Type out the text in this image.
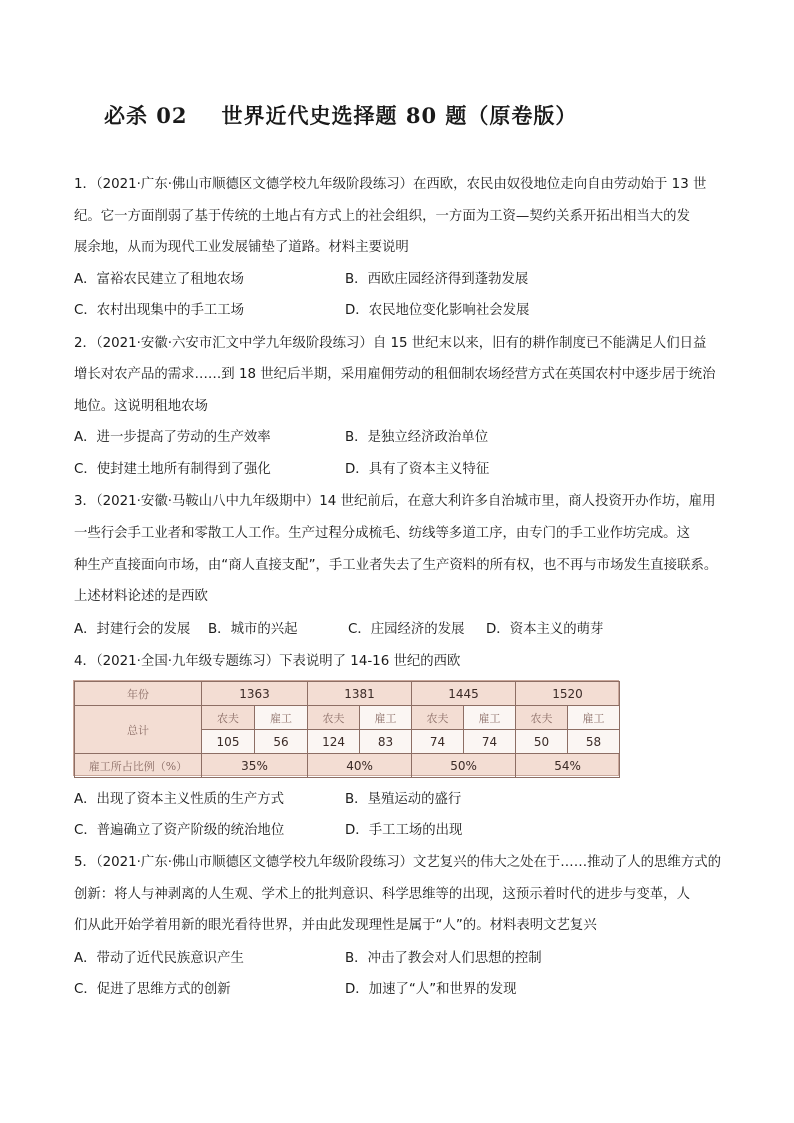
必杀 02 世界近代史选择题 80 题（原卷版）
1．（2021·广东·佛山市顺德区文德学校九年级阶段练习）在西欧，农民由奴役地位走向自由劳动始于 13 世
纪。它一方面削弱了基于传统的土地占有方式上的社会组织，一方面为工资—契约关系开拓出相当大的发
展余地，从而为现代工业发展铺垫了道路。材料主要说明
A．富裕农民建立了租地农场	B．西欧庄园经济得到蓬勃发展
C．农村出现集中的手工工场	D．农民地位变化影响社会发展
2．（2021·安徽·六安市汇文中学九年级阶段练习）自 15 世纪末以来，旧有的耕作制度已不能满足人们日益
增长对农产品的需求……到 18 世纪后半期，采用雇佣劳动的租佃制农场经营方式在英国农村中逐步居于统治
地位。这说明租地农场
A．进一步提高了劳动的生产效率	B．是独立经济政治单位
C．使封建土地所有制得到了强化	D．具有了资本主义特征
3．（2021·安徽·马鞍山八中九年级期中）14 世纪前后，在意大利许多自治城市里，商人投资开办作坊，雇用
一些行会手工业者和零散工人工作。生产过程分成梳毛、纺线等多道工序，由专门的手工业作坊完成。这
种生产直接面向市场，由“商人直接支配”，手工业者失去了生产资料的所有权，也不再与市场发生直接联系。
上述材料论述的是西欧
A．封建行会的发展 B．城市的兴起	C．庄园经济的发展 D．资本主义的萌芽
4．（2021·全国·九年级专题练习）下表说明了 14-16 世纪的西欧
年份	1363		1381		1445		1520	
总计	农夫	雇工	农夫	雇工	农夫	雇工	农夫	雇工
	105	56	124	83	74	74	50	58
雇工所占比例（%）	35%		40%		50%		54%	
A．出现了资本主义性质的生产方式	B．垦殖运动的盛行
C．普遍确立了资产阶级的统治地位	D．手工工场的出现
5．（2021·广东·佛山市顺德区文德学校九年级阶段练习）文艺复兴的伟大之处在于……推动了人的思维方式的
创新：将人与神剥离的人生观、学术上的批判意识、科学思维等的出现，这预示着时代的进步与变革，人
们从此开始学着用新的眼光看待世界，并由此发现理性是属于“人”的。材料表明文艺复兴
A．带动了近代民族意识产生	B．冲击了教会对人们思想的控制
C．促进了思维方式的创新	D．加速了“人”和世界的发现
